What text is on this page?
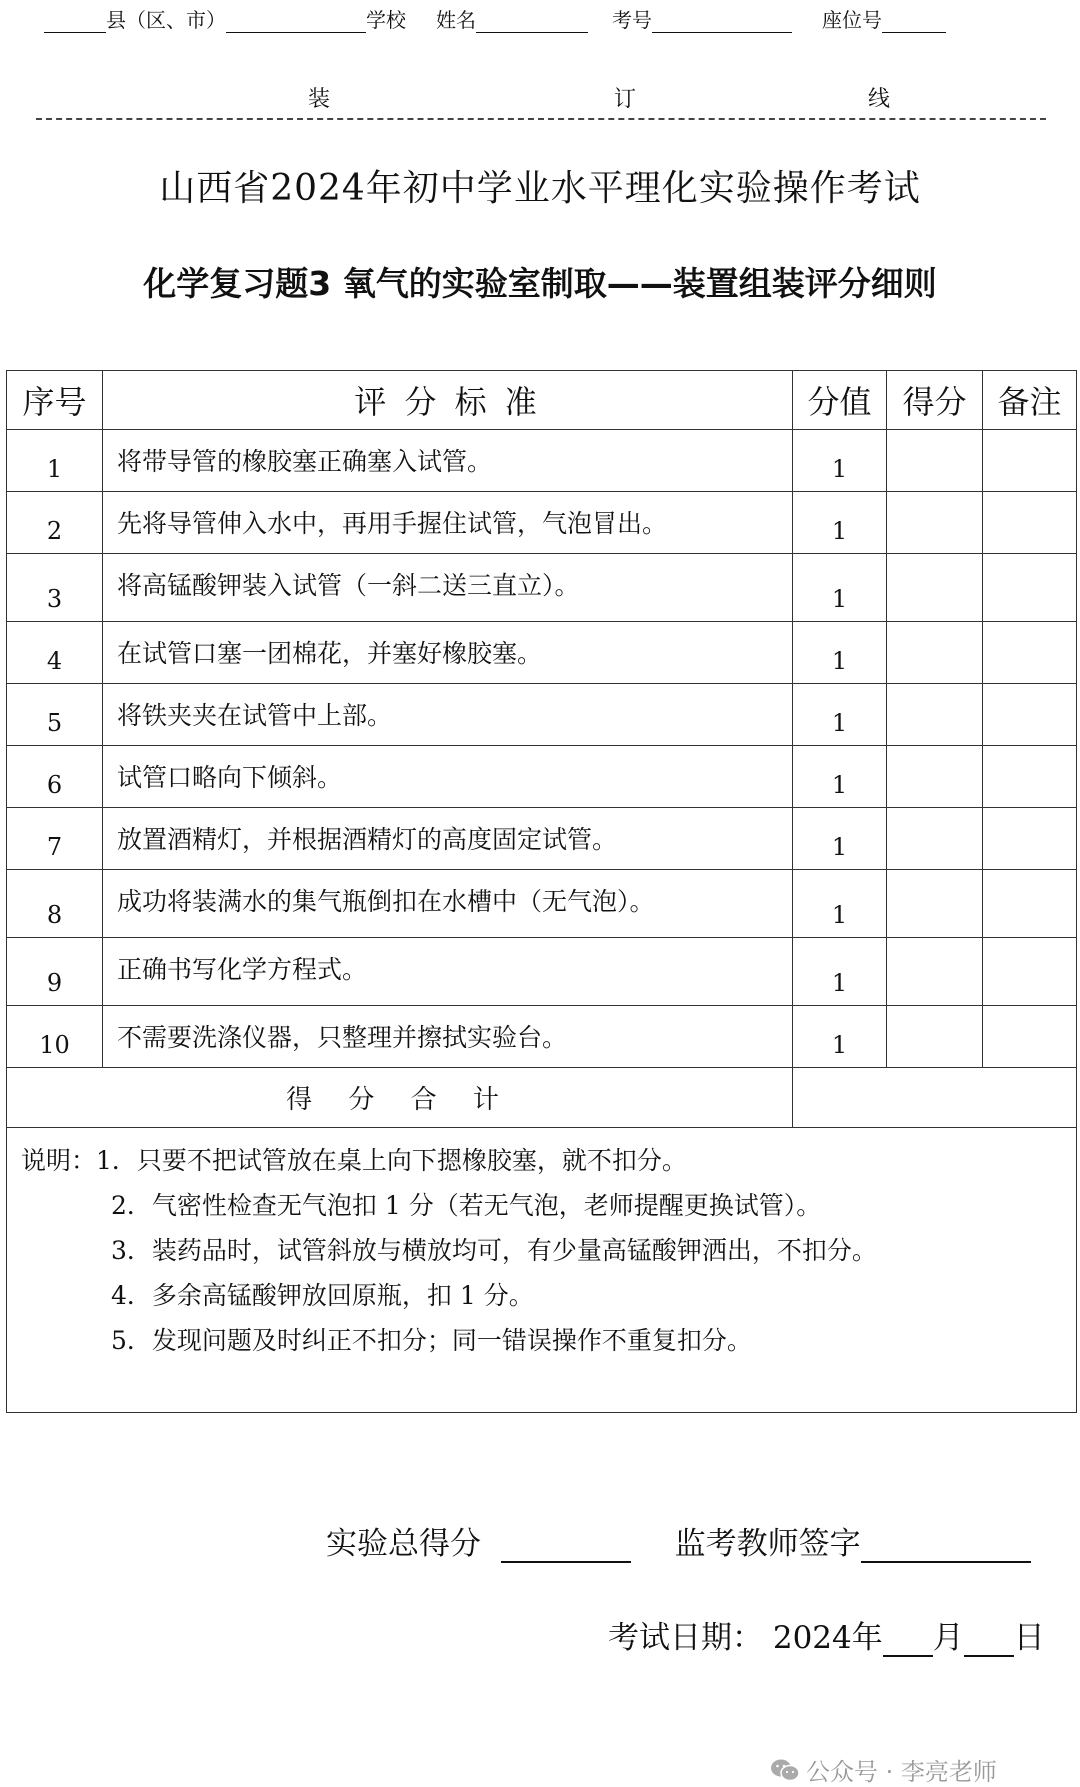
县（区、市）	学校 姓名	考号	座位号
装	订	线
山西省2024年初中学业水平理化实验操作考试
化学复习题3 氧气的实验室制取——装置组装评分细则
序号	评 分 标 准	分值	得分	备注
1	将带导管的橡胶塞正确塞入试管。	1		
2	先将导管伸入水中，再用手握住试管，气泡冒出。	1		
3	将高锰酸钾装入试管（一斜二送三直立）。	1		
4	在试管口塞一团棉花，并塞好橡胶塞。	1		
5	将铁夹夹在试管中上部。	1		
6	试管口略向下倾斜。	1		
7	放置酒精灯，并根据酒精灯的高度固定试管。	1		
8	成功将装满水的集气瓶倒扣在水槽中（无气泡）。	1		
9	正确书写化学方程式。	1		
10	不需要洗涤仪器，只整理并擦拭实验台。	1		
得 分 合 计				

说明：1．只要不把试管放在桌上向下摁橡胶塞，就不扣分。
2．气密性检查无气泡扣 1 分（若无气泡，老师提醒更换试管）。
3．装药品时，试管斜放与横放均可，有少量高锰酸钾洒出，不扣分。
4．多余高锰酸钾放回原瓶，扣 1 分。
5．发现问题及时纠正不扣分；同一错误操作不重复扣分。				
实验总得分	监考教师签字
考试日期： 2024年 月 日
公众号 · 李亮老师
